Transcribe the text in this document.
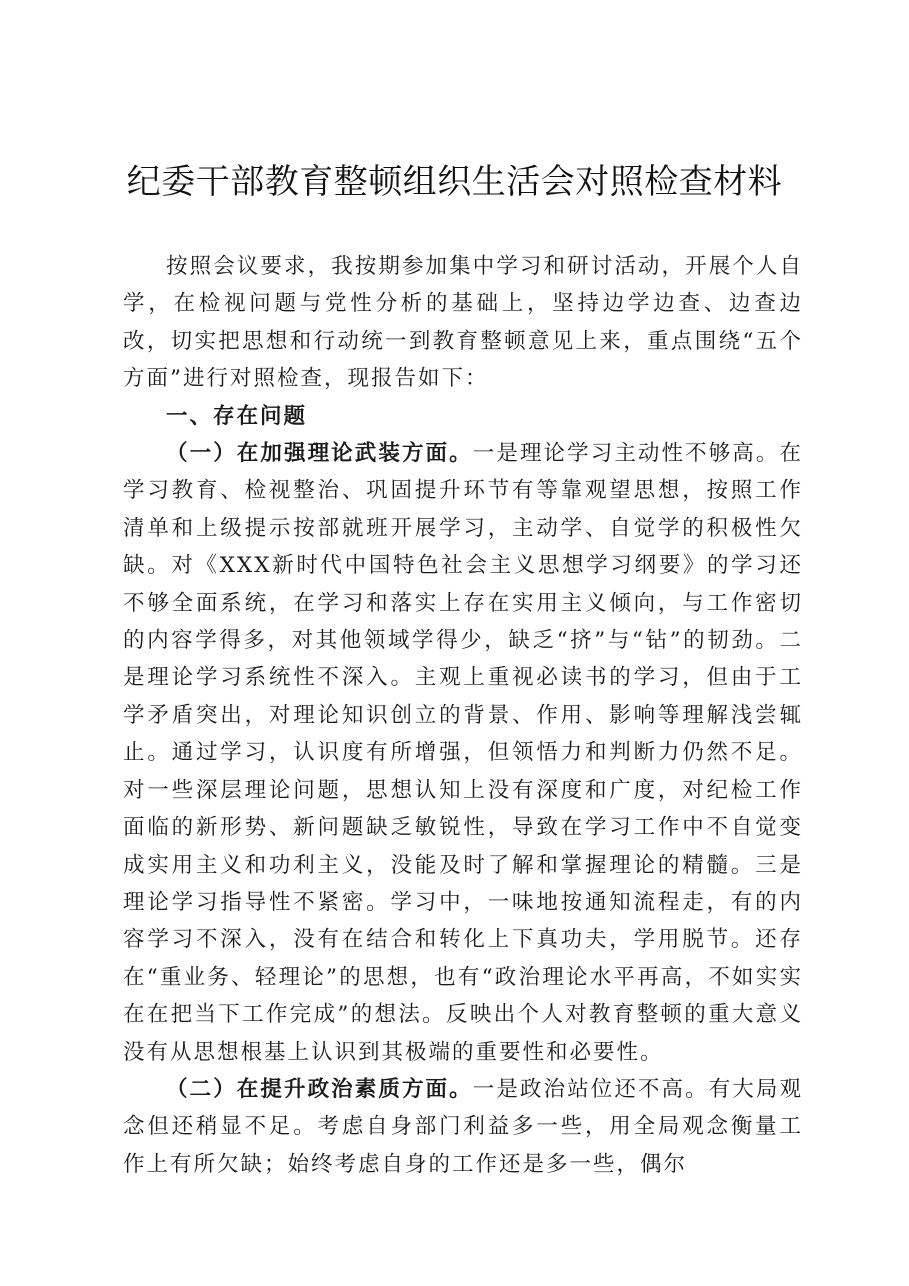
纪委干部教育整顿组织生活会对照检查材料

按照会议要求，我按期参加集中学习和研讨活动，开展个人自学，在检视问题与党性分析的基础上，坚持边学边查、边查边改，切实把思想和行动统一到教育整顿意见上来，重点围绕“五个方面”进行对照检查，现报告如下：

一、存在问题

（一）在加强理论武装方面。一是理论学习主动性不够高。在学习教育、检视整治、巩固提升环节有等靠观望思想，按照工作清单和上级提示按部就班开展学习，主动学、自觉学的积极性欠缺。对《XXX新时代中国特色社会主义思想学习纲要》的学习还不够全面系统，在学习和落实上存在实用主义倾向，与工作密切的内容学得多，对其他领域学得少，缺乏“挤”与“钻”的韧劲。二是理论学习系统性不深入。主观上重视必读书的学习，但由于工学矛盾突出，对理论知识创立的背景、作用、影响等理解浅尝辄止。通过学习，认识度有所增强，但领悟力和判断力仍然不足。对一些深层理论问题，思想认知上没有深度和广度，对纪检工作面临的新形势、新问题缺乏敏锐性，导致在学习工作中不自觉变成实用主义和功利主义，没能及时了解和掌握理论的精髓。三是理论学习指导性不紧密。学习中，一味地按通知流程走，有的内容学习不深入，没有在结合和转化上下真功夫，学用脱节。还存在“重业务、轻理论”的思想，也有“政治理论水平再高，不如实实在在把当下工作完成”的想法。反映出个人对教育整顿的重大意义没有从思想根基上认识到其极端的重要性和必要性。

（二）在提升政治素质方面。一是政治站位还不高。有大局观念但还稍显不足。考虑自身部门利益多一些，用全局观念衡量工作上有所欠缺；始终考虑自身的工作还是多一些，偶尔
